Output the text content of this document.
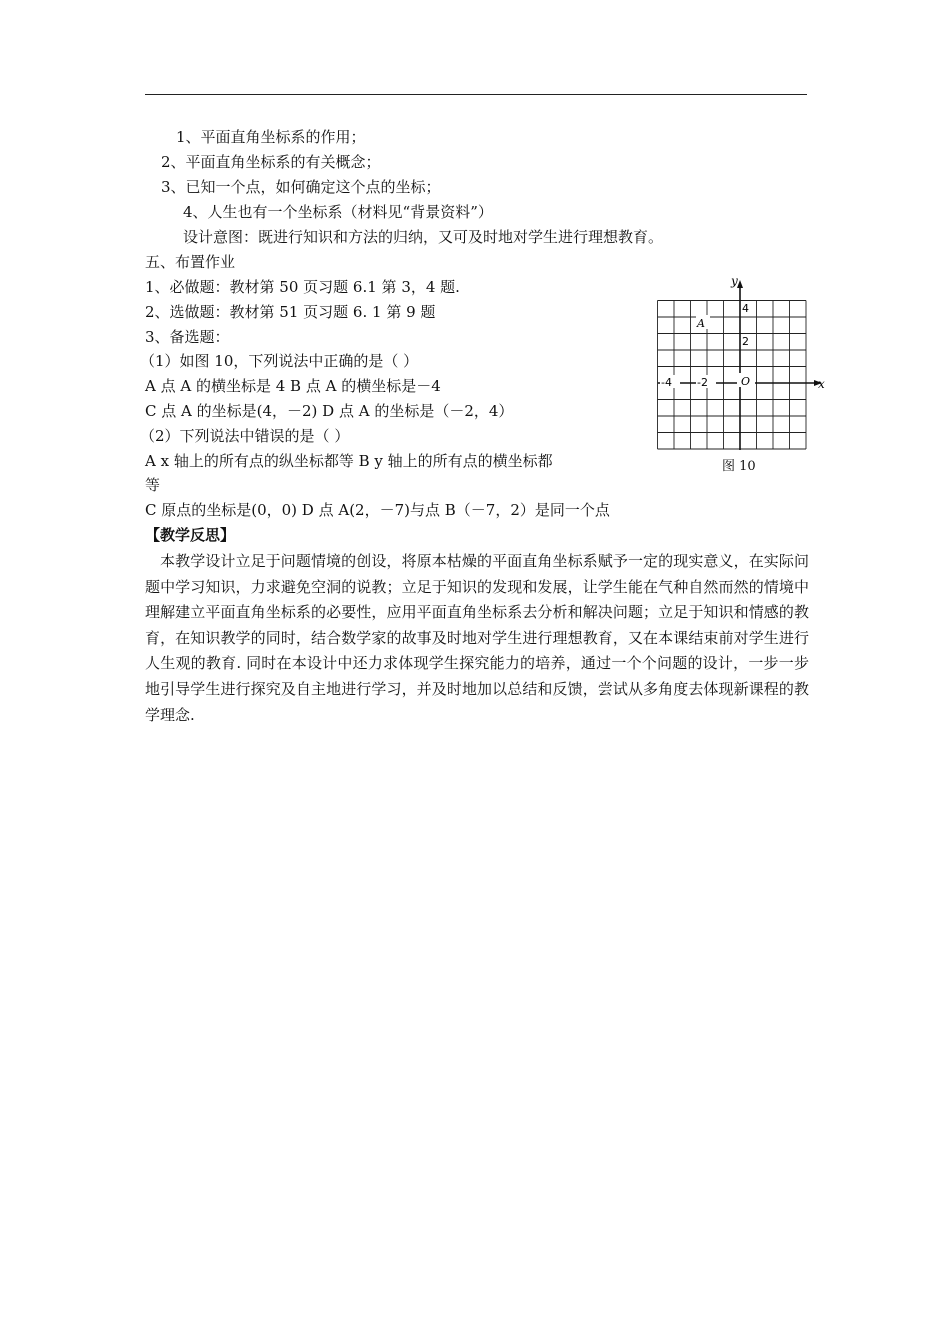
1、平面直角坐标系的作用；
2、平面直角坐标系的有关概念；
3、已知一个点，如何确定这个点的坐标；
4、人生也有一个坐标系（材料见“背景资料”）
设计意图：既进行知识和方法的归纳，又可及时地对学生进行理想教育。
五、布置作业
1、必做题：教材第 50 页习题 6.1 第 3，4 题.
2、选做题：教材第 51 页习题 6. 1 第 9 题
3、备选题：
（1）如图 10，下列说法中正确的是（ ）
A 点 A 的横坐标是 4 B 点 A 的横坐标是－4
C 点 A 的坐标是(4，－2) D 点 A 的坐标是（－2，4）
（2）下列说法中错误的是（ ）
A x 轴上的所有点的纵坐标都等 B y 轴上的所有点的横坐标都
等
C 原点的坐标是(0，0) D 点 A(2，－7)与点 B（－7，2）是同一个点
【教学反思】
本教学设计立足于问题情境的创设，将原本枯燥的平面直角坐标系赋予一定的现实意义，在实际问题中学习知识，力求避免空洞的说教；立足于知识的发现和发展，让学生能在气种自然而然的情境中理解建立平面直角坐标系的必要性，应用平面直角坐标系去分析和解决问题；立足于知识和情感的教育，在知识教学的同时，结合数学家的故事及时地对学生进行理想教育，又在本课结束前对学生进行人生观的教育. 同时在本设计中还力求体现学生探究能力的培养，通过一个个问题的设计，一步一步地引导学生进行探究及自主地进行学习，并及时地加以总结和反馈，尝试从多角度去体现新课程的教学理念.
x
y
O
-4 -2
4
2
A
图 10
